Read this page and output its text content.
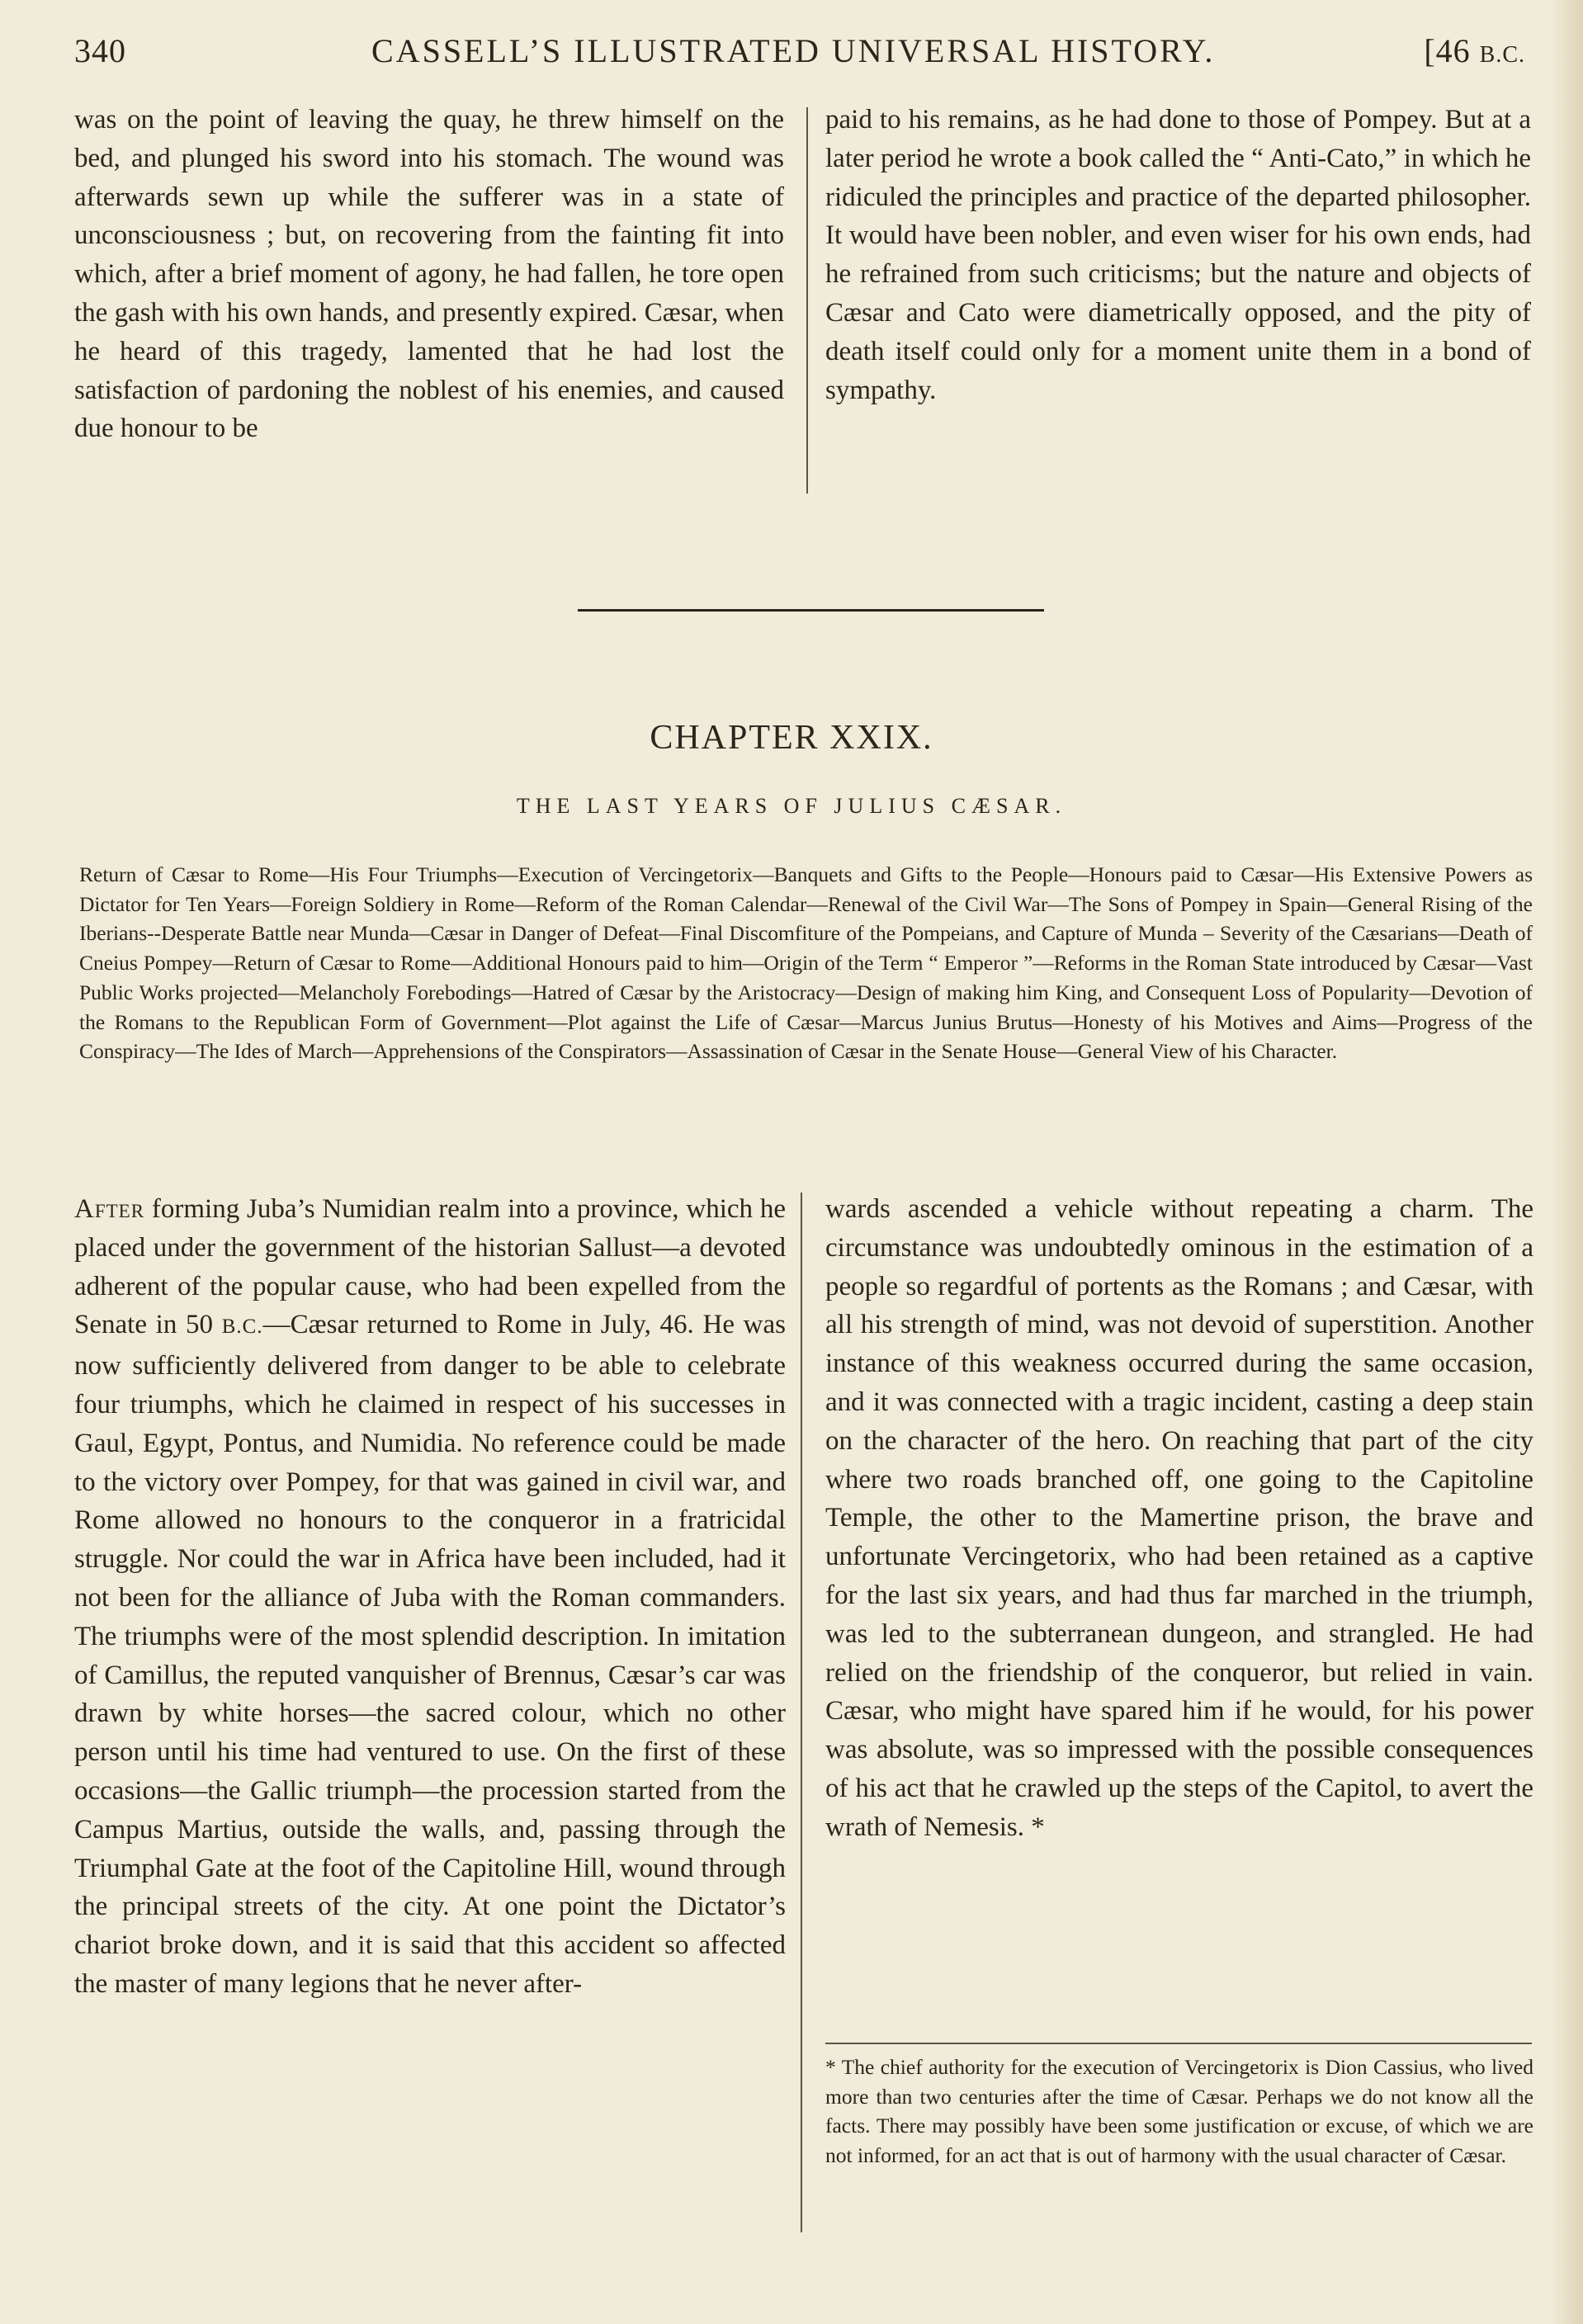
340	CASSELL’S ILLUSTRATED UNIVERSAL HISTORY.	[46 B.C.

was on the point of leaving the quay, he threw himself on the bed, and plunged his sword into his stomach. The wound was afterwards sewn up while the sufferer was in a state of unconsciousness ; but, on recovering from the fainting fit into which, after a brief moment of agony, he had fallen, he tore open the gash with his own hands, and presently expired. Cæsar, when he heard of this tragedy, lamented that he had lost the satisfaction of pardoning the noblest of his enemies, and caused due honour to be

paid to his remains, as he had done to those of Pompey. But at a later period he wrote a book called the “ Anti-Cato,” in which he ridiculed the principles and practice of the departed philosopher. It would have been nobler, and even wiser for his own ends, had he refrained from such criticisms; but the nature and objects of Cæsar and Cato were diametrically opposed, and the pity of death itself could only for a moment unite them in a bond of sympathy.

CHAPTER XXIX.
THE LAST YEARS OF JULIUS CÆSAR.
Return of Cæsar to Rome—His Four Triumphs—Execution of Vercingetorix—Banquets and Gifts to the People—Honours paid to Cæsar—His Extensive Powers as Dictator for Ten Years—Foreign Soldiery in Rome—Reform of the Roman Calendar—Renewal of the Civil War—The Sons of Pompey in Spain—General Rising of the Iberians--Desperate Battle near Munda—Cæsar in Danger of Defeat—Final Discomfiture of the Pompeians, and Capture of Munda – Severity of the Cæsarians—Death of Cneius Pompey—Return of Cæsar to Rome—Additional Honours paid to him—Origin of the Term “ Emperor ”—Reforms in the Roman State introduced by Cæsar—Vast Public Works projected—Melancholy Forebodings—Hatred of Cæsar by the Aristocracy—Design of making him King, and Consequent Loss of Popularity—Devotion of the Romans to the Republican Form of Government—Plot against the Life of Cæsar—Marcus Junius Brutus—Honesty of his Motives and Aims—Progress of the Conspiracy—The Ides of March—Apprehensions of the Conspirators—Assassination of Cæsar in the Senate House—General View of his Character.

After forming Juba’s Numidian realm into a province, which he placed under the government of the historian Sallust—a devoted adherent of the popular cause, who had been expelled from the Senate in 50 B.C.—Cæsar returned to Rome in July, 46. He was now sufficiently delivered from danger to be able to celebrate four triumphs, which he claimed in respect of his successes in Gaul, Egypt, Pontus, and Numidia. No reference could be made to the victory over Pompey, for that was gained in civil war, and Rome allowed no honours to the conqueror in a fratricidal struggle. Nor could the war in Africa have been included, had it not been for the alliance of Juba with the Roman commanders. The triumphs were of the most splendid description. In imitation of Camillus, the reputed vanquisher of Brennus, Cæsar’s car was drawn by white horses—the sacred colour, which no other person until his time had ventured to use. On the first of these occasions—the Gallic triumph—the procession started from the Campus Martius, outside the walls, and, passing through the Triumphal Gate at the foot of the Capitoline Hill, wound through the principal streets of the city. At one point the Dictator’s chariot broke down, and it is said that this accident so affected the master of many legions that he never after-

wards ascended a vehicle without repeating a charm. The circumstance was undoubtedly ominous in the estimation of a people so regardful of portents as the Romans ; and Cæsar, with all his strength of mind, was not devoid of superstition. Another instance of this weakness occurred during the same occasion, and it was connected with a tragic incident, casting a deep stain on the character of the hero. On reaching that part of the city where two roads branched off, one going to the Capitoline Temple, the other to the Mamertine prison, the brave and unfortunate Vercingetorix, who had been retained as a captive for the last six years, and had thus far marched in the triumph, was led to the subterranean dungeon, and strangled. He had relied on the friendship of the conqueror, but relied in vain. Cæsar, who might have spared him if he would, for his power was absolute, was so impressed with the possible consequences of his act that he crawled up the steps of the Capitol, to avert the wrath of Nemesis. *

* The chief authority for the execution of Vercingetorix is Dion Cassius, who lived more than two centuries after the time of Cæsar. Perhaps we do not know all the facts. There may possibly have been some justification or excuse, of which we are not informed, for an act that is out of harmony with the usual character of Cæsar.
